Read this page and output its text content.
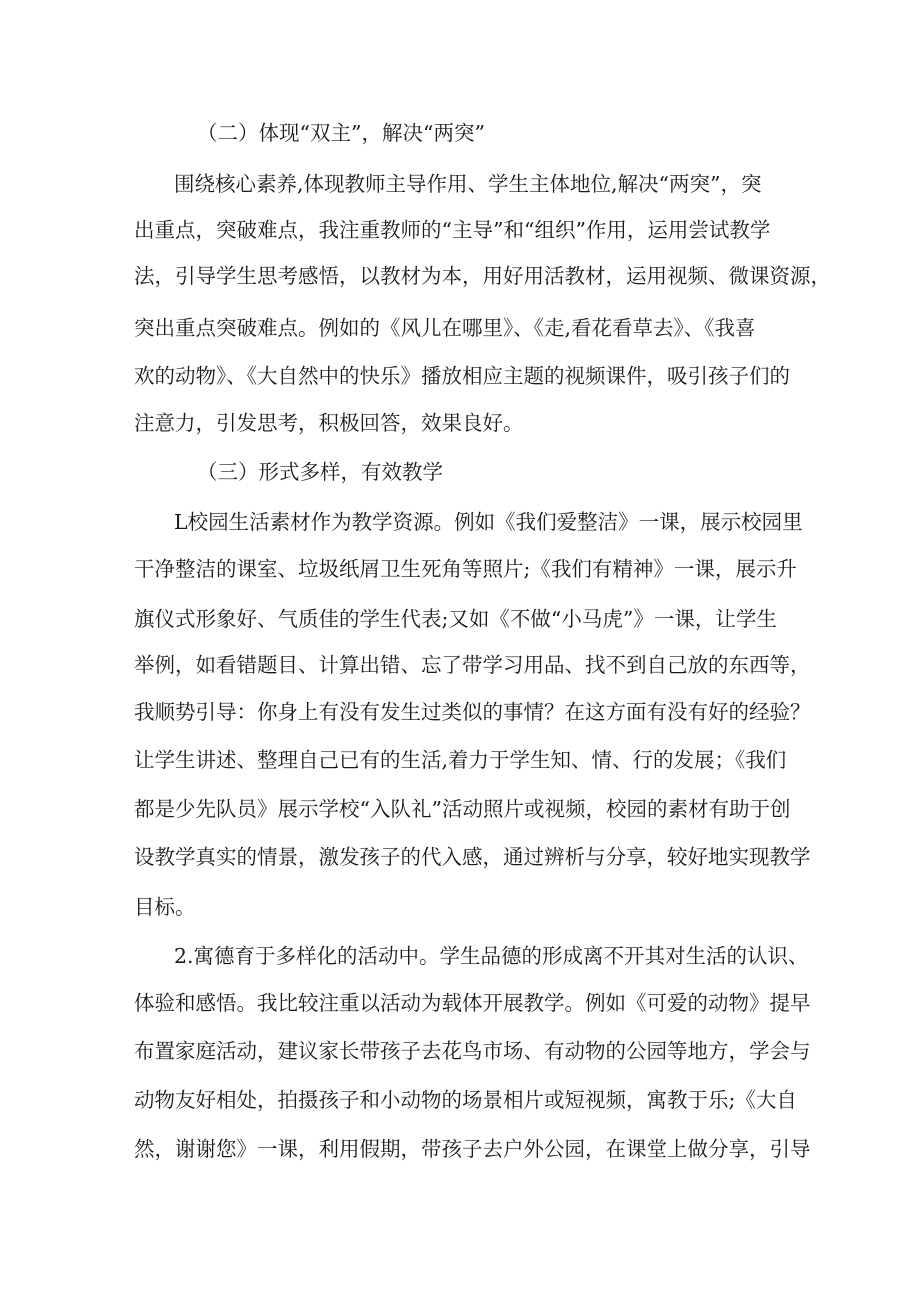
（二）体现“双主”，解决“两突”
围绕核心素养,体现教师主导作用、学生主体地位,解决“两突”，突
出重点，突破难点，我注重教师的“主导”和“组织”作用，运用尝试教学
法，引导学生思考感悟，以教材为本，用好用活教材，运用视频、微课资源，
突出重点突破难点。例如的《风儿在哪里》、《走,看花看草去》、《我喜
欢的动物》、《大自然中的快乐》播放相应主题的视频课件，吸引孩子们的
注意力，引发思考，积极回答，效果良好。
（三）形式多样，有效教学
L校园生活素材作为教学资源。例如《我们爱整洁》一课，展示校园里
干净整洁的课室、垃圾纸屑卫生死角等照片;《我们有精神》一课，展示升
旗仪式形象好、气质佳的学生代表;又如《不做“小马虎”》一课，让学生
举例，如看错题目、计算出错、忘了带学习用品、找不到自己放的东西等，
我顺势引导：你身上有没有发生过类似的事情？在这方面有没有好的经验？
让学生讲述、整理自己已有的生活,着力于学生知、情、行的发展；《我们
都是少先队员》展示学校“入队礼”活动照片或视频，校园的素材有助于创
设教学真实的情景，激发孩子的代入感，通过辨析与分享，较好地实现教学
目标。
2.寓德育于多样化的活动中。学生品德的形成离不开其对生活的认识、
体验和感悟。我比较注重以活动为载体开展教学。例如《可爱的动物》提早
布置家庭活动，建议家长带孩子去花鸟市场、有动物的公园等地方，学会与
动物友好相处，拍摄孩子和小动物的场景相片或短视频，寓教于乐;《大自
然，谢谢您》一课，利用假期，带孩子去户外公园，在课堂上做分享，引导
